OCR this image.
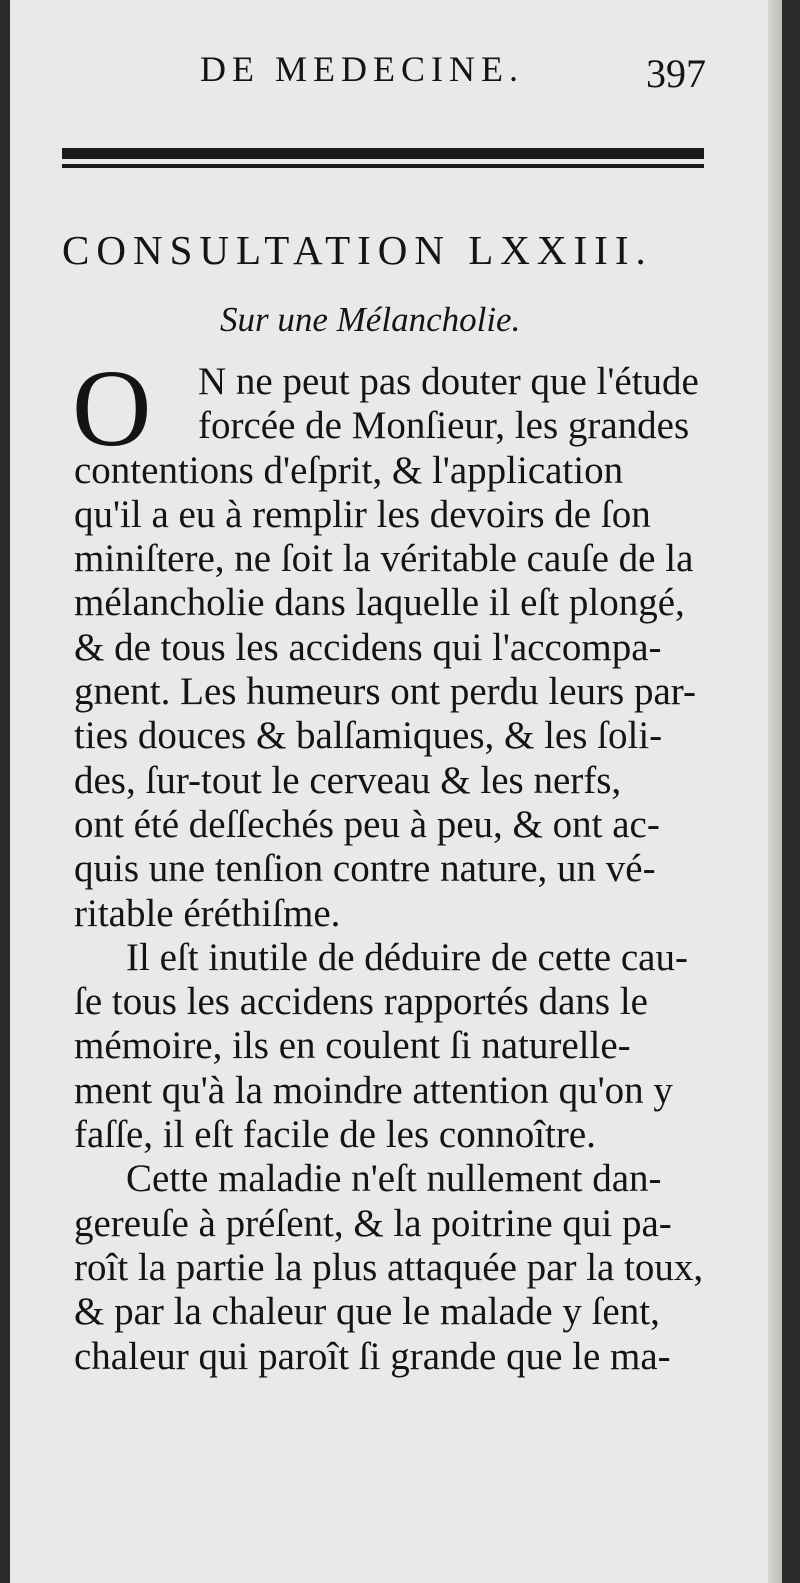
DE MEDECINE.	397
CONSULTATION LXXIII.
Sur une Mélancholie.
O	N ne peut pas douter que l'étude
forcée de Monſieur, les grandes
contentions d'eſprit, & l'application
qu'il a eu à remplir les devoirs de ſon
miniſtere, ne ſoit la véritable cauſe de la
mélancholie dans laquelle il eſt plongé,
& de tous les accidens qui l'accompa-
gnent. Les humeurs ont perdu leurs par-
ties douces & balſamiques, & les ſoli-
des, ſur-tout le cerveau & les nerfs,
ont été deſſechés peu à peu, & ont ac-
quis une tenſion contre nature, un vé-
ritable éréthiſme.
Il eſt inutile de déduire de cette cau-
ſe tous les accidens rapportés dans le
mémoire, ils en coulent ſi naturelle-
ment qu'à la moindre attention qu'on y
faſſe, il eſt facile de les connoître.
Cette maladie n'eſt nullement dan-
gereuſe à préſent, & la poitrine qui pa-
roît la partie la plus attaquée par la toux,
& par la chaleur que le malade y ſent,
chaleur qui paroît ſi grande que le ma-
